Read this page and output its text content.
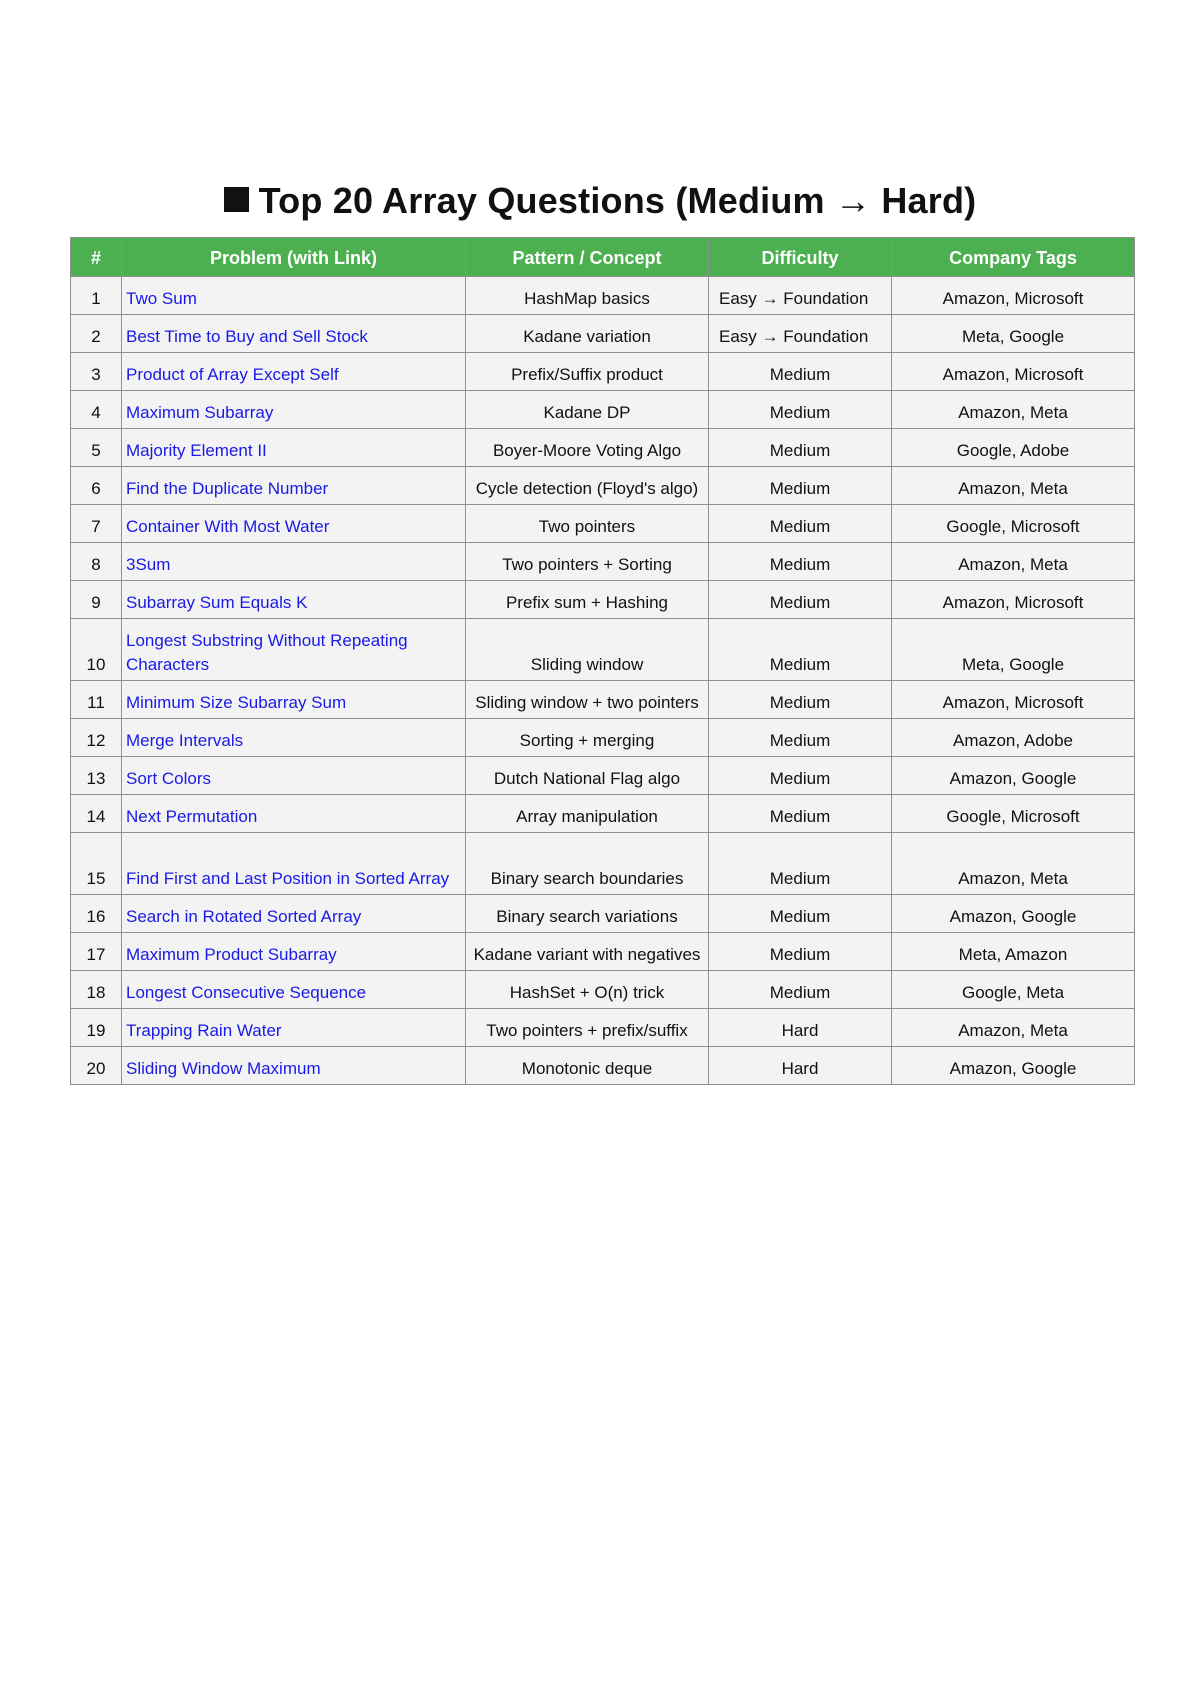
Top 20 Array Questions (Medium → Hard)
#	Problem (with Link)	Pattern / Concept	Difficulty	Company Tags
1	Two Sum	HashMap basics	Easy → Foundation	Amazon, Microsoft
2	Best Time to Buy and Sell Stock	Kadane variation	Easy → Foundation	Meta, Google
3	Product of Array Except Self	Prefix/Suffix product	Medium	Amazon, Microsoft
4	Maximum Subarray	Kadane DP	Medium	Amazon, Meta
5	Majority Element II	Boyer-Moore Voting Algo	Medium	Google, Adobe
6	Find the Duplicate Number	Cycle detection (Floyd's algo)	Medium	Amazon, Meta
7	Container With Most Water	Two pointers	Medium	Google, Microsoft
8	3Sum	Two pointers + Sorting	Medium	Amazon, Meta
9	Subarray Sum Equals K	Prefix sum + Hashing	Medium	Amazon, Microsoft
10	Longest Substring Without Repeating Characters	Sliding window	Medium	Meta, Google
11	Minimum Size Subarray Sum	Sliding window + two pointers	Medium	Amazon, Microsoft
12	Merge Intervals	Sorting + merging	Medium	Amazon, Adobe
13	Sort Colors	Dutch National Flag algo	Medium	Amazon, Google
14	Next Permutation	Array manipulation	Medium	Google, Microsoft
15	Find First and Last Position in Sorted Array	Binary search boundaries	Medium	Amazon, Meta
16	Search in Rotated Sorted Array	Binary search variations	Medium	Amazon, Google
17	Maximum Product Subarray	Kadane variant with negatives	Medium	Meta, Amazon
18	Longest Consecutive Sequence	HashSet + O(n) trick	Medium	Google, Meta
19	Trapping Rain Water	Two pointers + prefix/suffix	Hard	Amazon, Meta
20	Sliding Window Maximum	Monotonic deque	Hard	Amazon, Google
